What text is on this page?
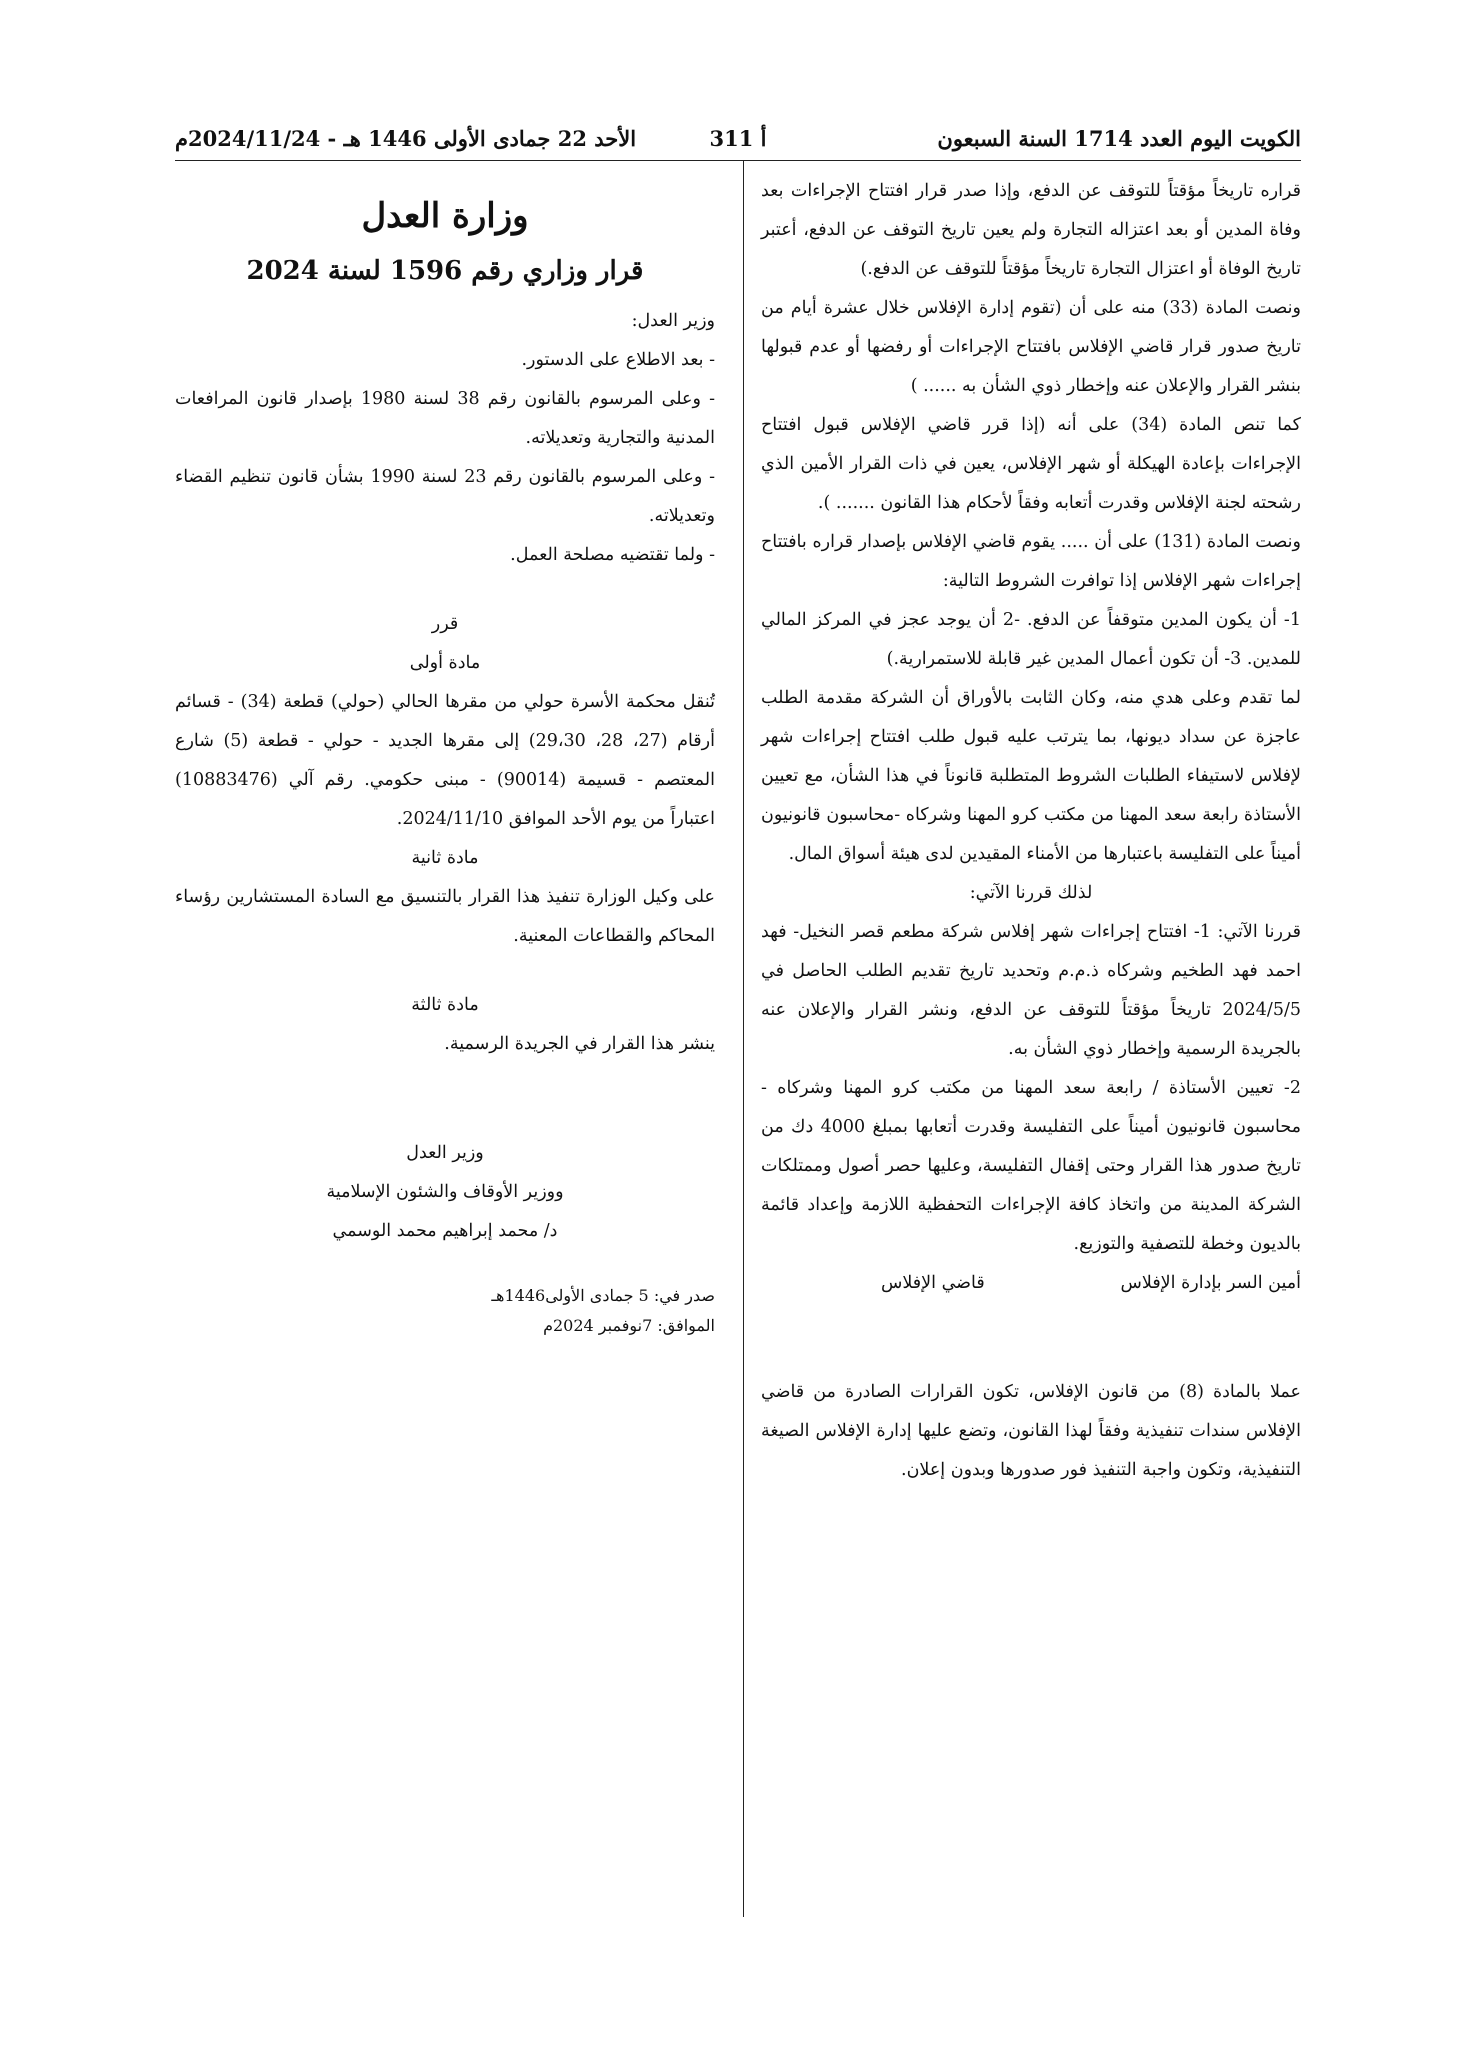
الكويت اليوم العدد 1714 السنة السبعون
أ 311
الأحد 22 جمادى الأولى 1446 هـ - 2024/11/24م

قراره تاريخاً مؤقتاً للتوقف عن الدفع، وإذا صدر قرار افتتاح الإجراءات بعد وفاة المدين أو بعد اعتزاله التجارة ولم يعين تاريخ التوقف عن الدفع، أعتبر تاريخ الوفاة أو اعتزال التجارة تاريخاً مؤقتاً للتوقف عن الدفع.)

ونصت المادة (33) منه على أن (تقوم إدارة الإفلاس خلال عشرة أيام من تاريخ صدور قرار قاضي الإفلاس بافتتاح الإجراءات أو رفضها أو عدم قبولها بنشر القرار والإعلان عنه وإخطار ذوي الشأن به ...... )

كما تنص المادة (34) على أنه (إذا قرر قاضي الإفلاس قبول افتتاح الإجراءات بإعادة الهيكلة أو شهر الإفلاس، يعين في ذات القرار الأمين الذي رشحته لجنة الإفلاس وقدرت أتعابه وفقاً لأحكام هذا القانون ....... ).

ونصت المادة (131) على أن ..... يقوم قاضي الإفلاس بإصدار قراره بافتتاح إجراءات شهر الإفلاس إذا توافرت الشروط التالية:

1- أن يكون المدين متوقفاً عن الدفع. -2 أن يوجد عجز في المركز المالي للمدين. 3- أن تكون أعمال المدين غير قابلة للاستمرارية.)

لما تقدم وعلى هدي منه، وكان الثابت بالأوراق أن الشركة مقدمة الطلب عاجزة عن سداد ديونها، بما يترتب عليه قبول طلب افتتاح إجراءات شهر لإفلاس لاستيفاء الطلبات الشروط المتطلبة قانوناً في هذا الشأن، مع تعيين الأستاذة رابعة سعد المهنا من مكتب كرو المهنا وشركاه -محاسبون قانونيون أميناً على التفليسة باعتبارها من الأمناء المقيدين لدى هيئة أسواق المال.

لذلك قررنا الآتي:

قررنا الآتي: 1- افتتاح إجراءات شهر إفلاس شركة مطعم قصر النخيل- فهد احمد فهد الطخيم وشركاه ذ.م.م وتحديد تاريخ تقديم الطلب الحاصل في 2024/5/5 تاريخاً مؤقتاً للتوقف عن الدفع، ونشر القرار والإعلان عنه بالجريدة الرسمية وإخطار ذوي الشأن به.

2- تعيين الأستاذة / رابعة سعد المهنا من مكتب كرو المهنا وشركاه - محاسبون قانونيون أميناً على التفليسة وقدرت أتعابها بمبلغ 4000 دك من تاريخ صدور هذا القرار وحتى إقفال التفليسة، وعليها حصر أصول وممتلكات الشركة المدينة من واتخاذ كافة الإجراءات التحفظية اللازمة وإعداد قائمة بالديون وخطة للتصفية والتوزيع.

أمين السر بإدارة الإفلاس
قاضي الإفلاس

عملا بالمادة (8) من قانون الإفلاس، تكون القرارات الصادرة من قاضي الإفلاس سندات تنفيذية وفقاً لهذا القانون، وتضع عليها إدارة الإفلاس الصيغة التنفيذية، وتكون واجبة التنفيذ فور صدورها وبدون إعلان.

وزارة العدل

قرار وزاري رقم 1596 لسنة 2024

وزير العدل:

- بعد الاطلاع على الدستور.

- وعلى المرسوم بالقانون رقم 38 لسنة 1980 بإصدار قانون المرافعات المدنية والتجارية وتعديلاته.

- وعلى المرسوم بالقانون رقم 23 لسنة 1990 بشأن قانون تنظيم القضاء وتعديلاته.

- ولما تقتضيه مصلحة العمل.

قرر

مادة أولى

تُنقل محكمة الأسرة حولي من مقرها الحالي (حولي) قطعة (34) - قسائم أرقام (27، 28، 29،30) إلى مقرها الجديد - حولي - قطعة (5) شارع المعتصم - قسيمة (90014) - مبنى حكومي. رقم آلي (10883476) اعتباراً من يوم الأحد الموافق 2024/11/10.

مادة ثانية

على وكيل الوزارة تنفيذ هذا القرار بالتنسيق مع السادة المستشارين رؤساء المحاكم والقطاعات المعنية.

مادة ثالثة

ينشر هذا القرار في الجريدة الرسمية.

وزير العدل

ووزير الأوقاف والشئون الإسلامية

د/ محمد إبراهيم محمد الوسمي

صدر في: 5 جمادى الأولى1446هـ

الموافق: 7نوفمبر 2024م
